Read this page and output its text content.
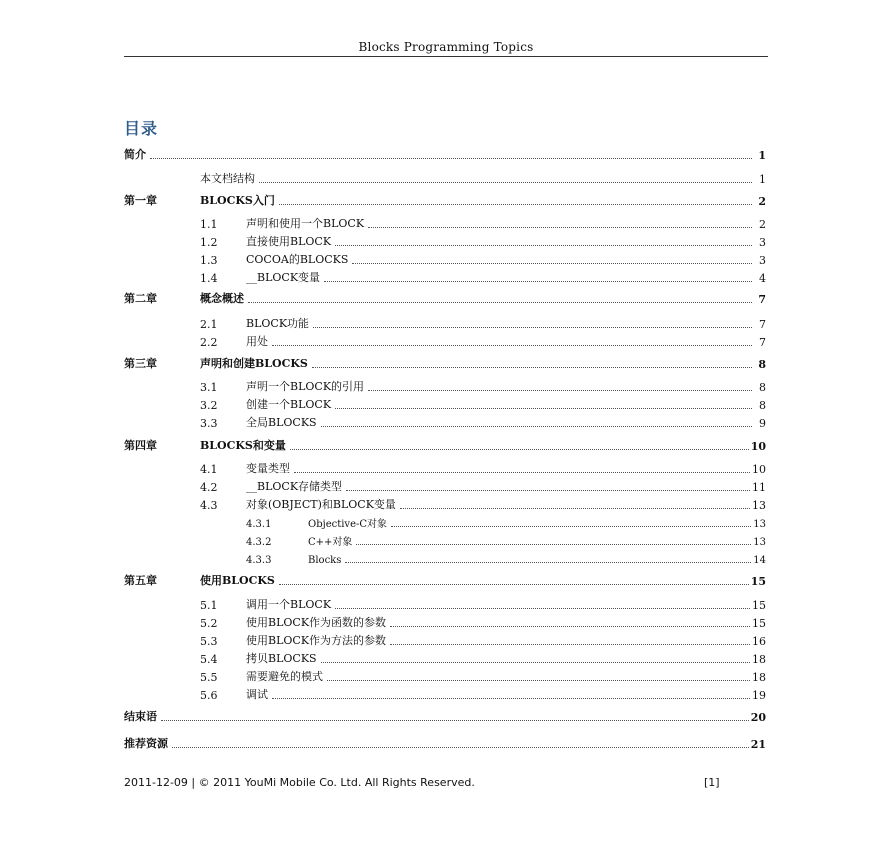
Blocks Programming Topics
目录
简介	1
本文档结构	1
第一章	BLOCKS入门	2
1.1	声明和使用一个BLOCK	2
1.2	直接使用BLOCK	3
1.3	COCOA的BLOCKS	3
1.4	__BLOCK变量	4
第二章	概念概述	7
2.1	BLOCK功能	7
2.2	用处	7
第三章	声明和创建BLOCKS	8
3.1	声明一个BLOCK的引用	8
3.2	创建一个BLOCK	8
3.3	全局BLOCKS	9
第四章	BLOCKS和变量	10
4.1	变量类型	10
4.2	__BLOCK存储类型	11
4.3	对象(OBJECT)和BLOCK变量	13
4.3.1	Objective-C对象	13
4.3.2	C++对象	13
4.3.3	Blocks	14
第五章	使用BLOCKS	15
5.1	调用一个BLOCK	15
5.2	使用BLOCK作为函数的参数	15
5.3	使用BLOCK作为方法的参数	16
5.4	拷贝BLOCKS	18
5.5	需要避免的模式	18
5.6	调试	19
结束语	20
推荐资源	21
2011-12-09 | © 2011 YouMi Mobile Co. Ltd. All Rights Reserved.	[1]
